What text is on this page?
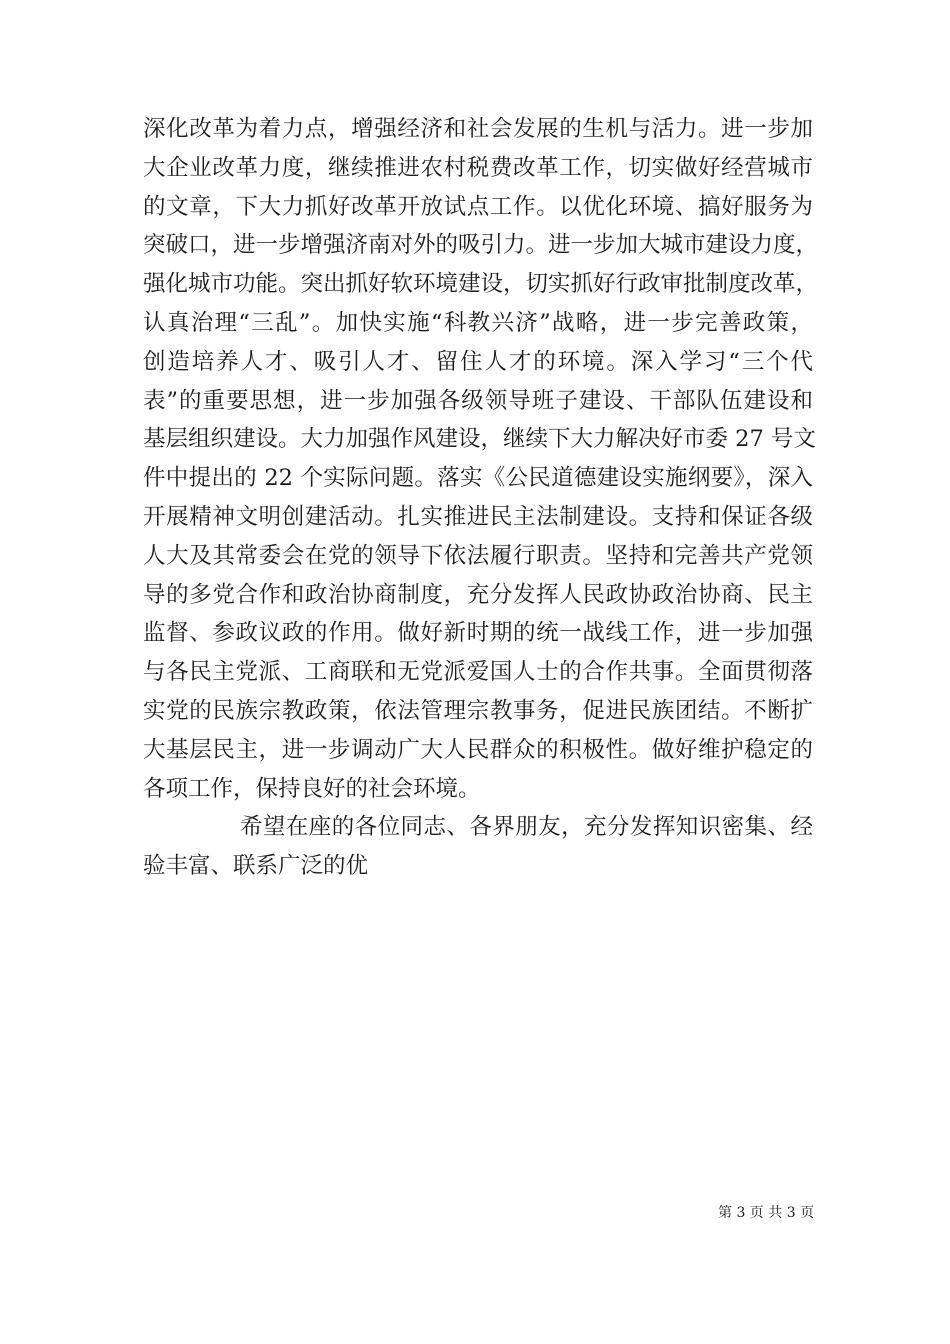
深化改革为着力点，增强经济和社会发展的生机与活力。进一步加
大企业改革力度，继续推进农村税费改革工作，切实做好经营城市
的文章，下大力抓好改革开放试点工作。以优化环境、搞好服务为
突破口，进一步增强济南对外的吸引力。进一步加大城市建设力度，
强化城市功能。突出抓好软环境建设，切实抓好行政审批制度改革，
认真治理“三乱”。加快实施“科教兴济”战略，进一步完善政策，
创造培养人才、吸引人才、留住人才的环境。深入学习“三个代
表”的重要思想，进一步加强各级领导班子建设、干部队伍建设和
基层组织建设。大力加强作风建设，继续下大力解决好市委 27 号文
件中提出的 22 个实际问题。落实《公民道德建设实施纲要》，深入
开展精神文明创建活动。扎实推进民主法制建设。支持和保证各级
人大及其常委会在党的领导下依法履行职责。坚持和完善共产党领
导的多党合作和政治协商制度，充分发挥人民政协政治协商、民主
监督、参政议政的作用。做好新时期的统一战线工作，进一步加强
与各民主党派、工商联和无党派爱国人士的合作共事。全面贯彻落
实党的民族宗教政策，依法管理宗教事务，促进民族团结。不断扩
大基层民主，进一步调动广大人民群众的积极性。做好维护稳定的
各项工作，保持良好的社会环境。
希望在座的各位同志、各界朋友，充分发挥知识密集、经
验丰富、联系广泛的优
第 3 页 共 3 页
